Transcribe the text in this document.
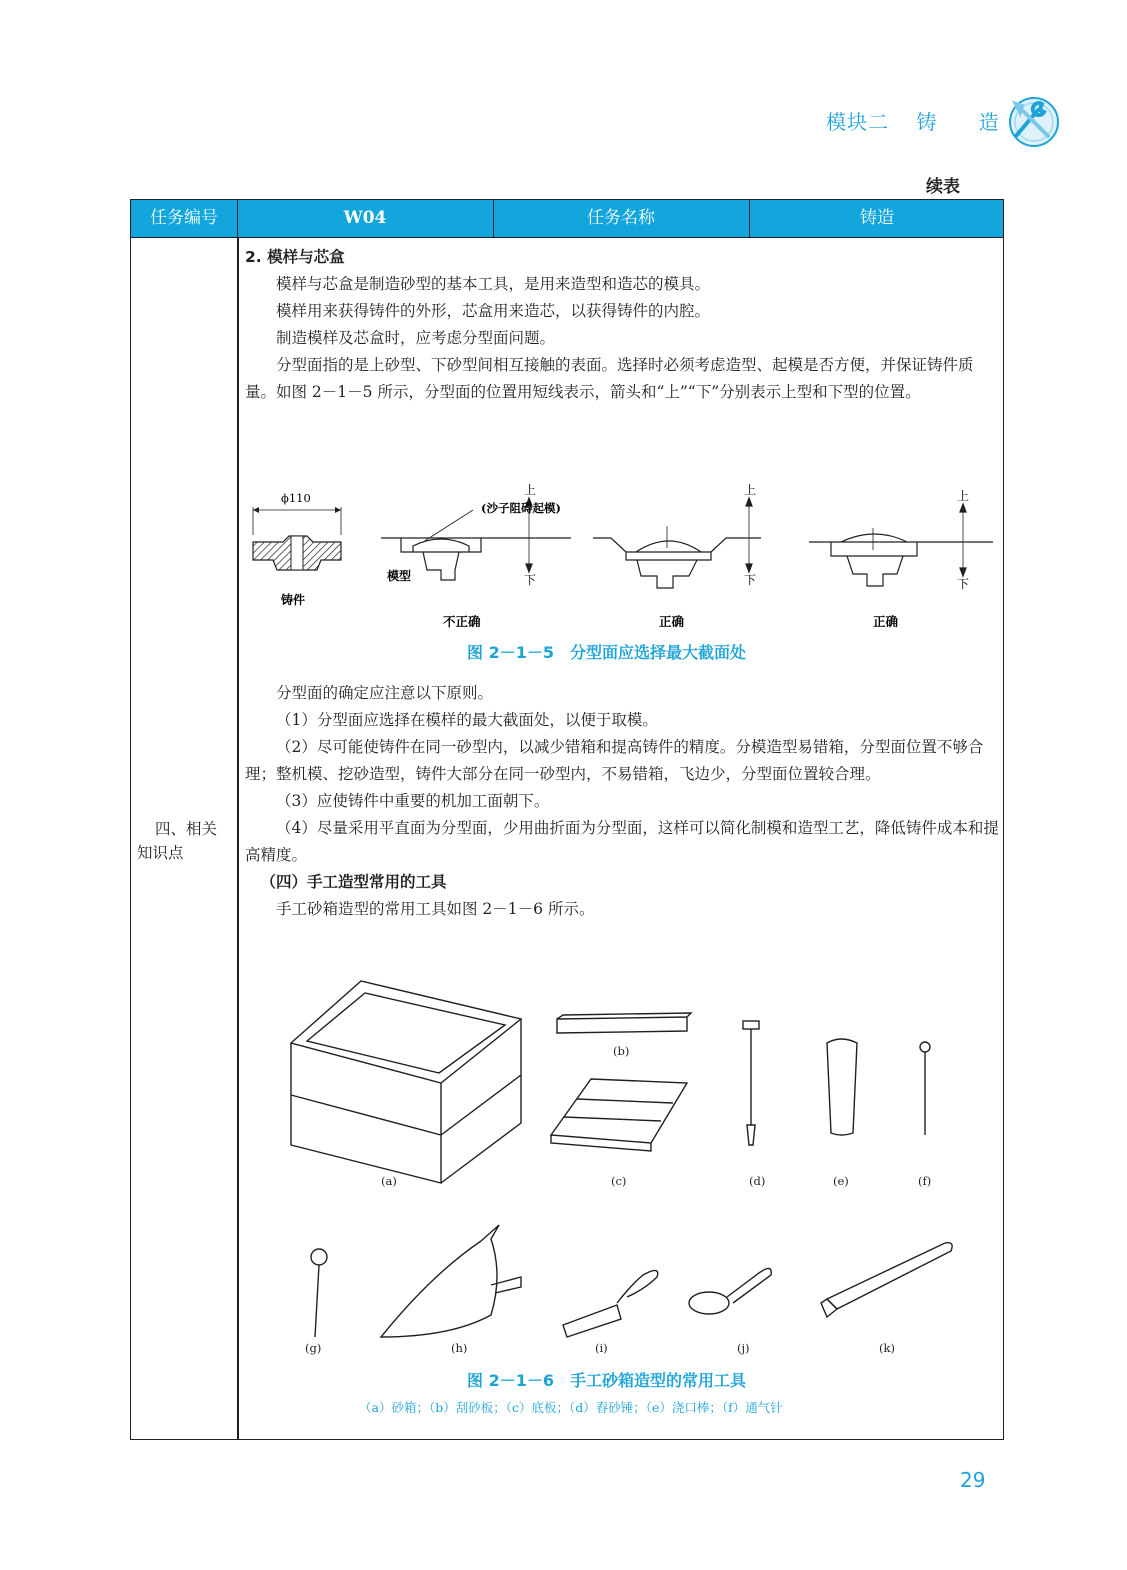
模块二 铸 造
续表
任务编号	W04	任务名称	铸造
四、相关
知识点

2. 模样与芯盒

模样与芯盒是制造砂型的基本工具，是用来造型和造芯的模具。

模样用来获得铸件的外形，芯盒用来造芯，以获得铸件的内腔。

制造模样及芯盒时，应考虑分型面问题。

分型面指的是上砂型、下砂型间相互接触的表面。选择时必须考虑造型、起模是否方便，并保证铸件质量。如图 2－1－5 所示，分型面的位置用短线表示，箭头和“上”“下”分别表示上型和下型的位置。

ϕ110
铸件
(沙子阻碍起模)
模型
上
下
不正确
上
下
正确
上
下
正确
图 2－1－5　分型面应选择最大截面处

分型面的确定应注意以下原则。

（1）分型面应选择在模样的最大截面处，以便于取模。

（2）尽可能使铸件在同一砂型内，以减少错箱和提高铸件的精度。分模造型易错箱，分型面位置不够合理；整机模、挖砂造型，铸件大部分在同一砂型内，不易错箱，飞边少，分型面位置较合理。

（3）应使铸件中重要的机加工面朝下。

（4）尽量采用平直面为分型面，少用曲折面为分型面，这样可以简化制模和造型工艺，降低铸件成本和提高精度。

（四）手工造型常用的工具

手工砂箱造型的常用工具如图 2－1－6 所示。

(a)
(b)
(c)	(d)	(e)	(f)
(g)	(h)	(i)	(j)	(k)
图 2－1－6　手工砂箱造型的常用工具
（a）砂箱；（b）刮砂板；（c）底板；（d）舂砂锤；（e）浇口棒；（f）通气针
29
